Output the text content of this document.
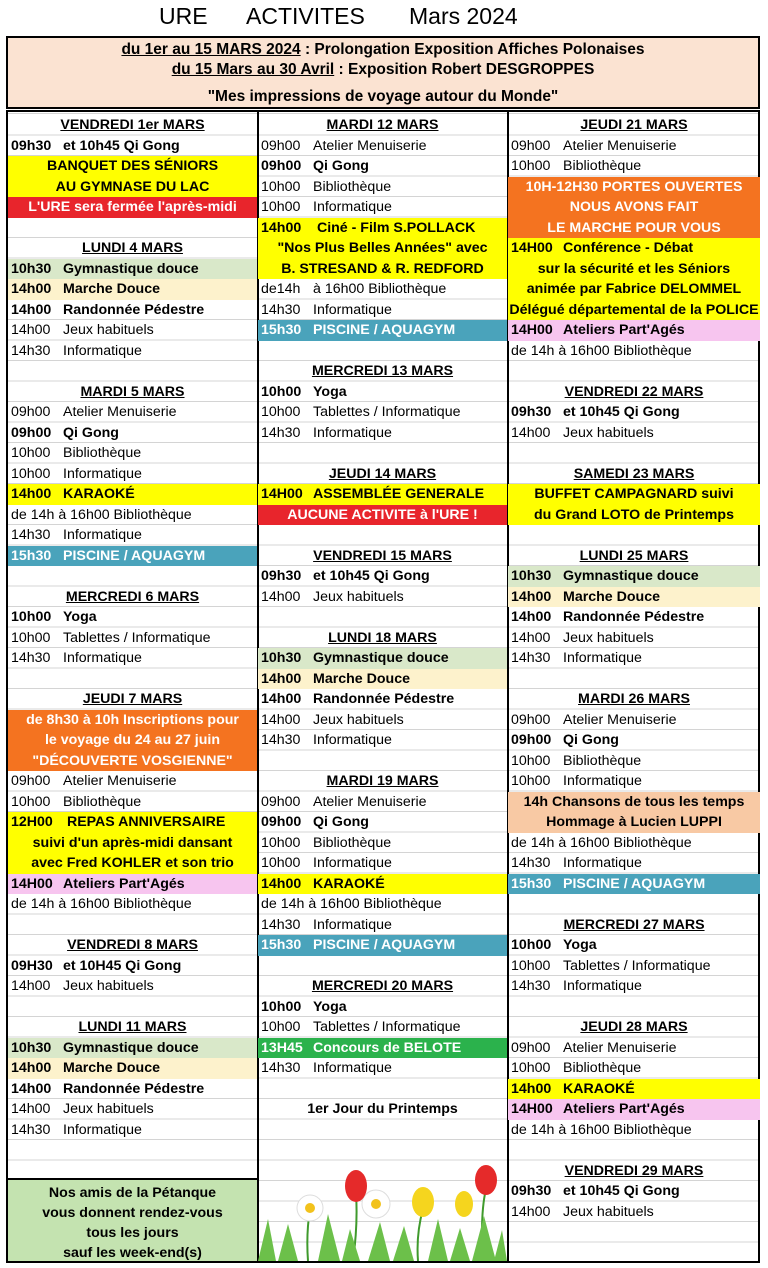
URE ACTIVITES Mars 2024
du 1er au 15 MARS 2024 : Prolongation Exposition Affiches Polonaises
du 15 Mars au 30 Avril : Exposition Robert DESGROPPES
"Mes impressions de voyage autour du Monde"
VENDREDI 1er MARS
09h30 et 10h45 Qi Gong
BANQUET DES SÉNIORS
AU GYMNASE DU LAC
L'URE sera fermée l'après-midi
LUNDI 4 MARS
10h30 Gymnastique douce
14h00 Marche Douce
14h00 Randonnée Pédestre
14h00 Jeux habituels
14h30 Informatique
MARDI 5 MARS
09h00 Atelier Menuiserie
09h00 Qi Gong
10h00 Bibliothèque
10h00 Informatique
14h00 KARAOKÉ
de 14h à 16h00 Bibliothèque
14h30 Informatique
15h30 PISCINE / AQUAGYM
MERCREDI 6 MARS
10h00 Yoga
10h00 Tablettes / Informatique
14h30 Informatique
JEUDI 7 MARS
de 8h30 à 10h Inscriptions pour
le voyage du 24 au 27 juin
"DÉCOUVERTE VOSGIENNE"
09h00 Atelier Menuiserie
10h00 Bibliothèque
12H00 REPAS ANNIVERSAIRE
suivi d'un après-midi dansant
avec Fred KOHLER et son trio
14H00 Ateliers Part'Agés
de 14h à 16h00 Bibliothèque
VENDREDI 8 MARS
09H30 et 10H45 Qi Gong
14h00 Jeux habituels
LUNDI 11 MARS
10h30 Gymnastique douce
14h00 Marche Douce
14h00 Randonnée Pédestre
14h00 Jeux habituels
14h30 Informatique
MARDI 12 MARS
09h00 Atelier Menuiserie
09h00 Qi Gong
10h00 Bibliothèque
10h00 Informatique
14h00 Ciné - Film S.POLLACK
"Nos Plus Belles Années" avec
B. STRESAND & R. REDFORD
de14h à 16h00 Bibliothèque
14h30 Informatique
15h30 PISCINE / AQUAGYM
MERCREDI 13 MARS
10h00 Yoga
10h00 Tablettes / Informatique
14h30 Informatique
JEUDI 14 MARS
14H00 ASSEMBLÉE GENERALE
AUCUNE ACTIVITE à l'URE !
VENDREDI 15 MARS
09h30 et 10h45 Qi Gong
14h00 Jeux habituels
LUNDI 18 MARS
10h30 Gymnastique douce
14h00 Marche Douce
14h00 Randonnée Pédestre
14h00 Jeux habituels
14h30 Informatique
MARDI 19 MARS
09h00 Atelier Menuiserie
09h00 Qi Gong
10h00 Bibliothèque
10h00 Informatique
14h00 KARAOKÉ
de 14h à 16h00 Bibliothèque
14h30 Informatique
15h30 PISCINE / AQUAGYM
MERCREDI 20 MARS
10h00 Yoga
10h00 Tablettes / Informatique
13H45 Concours de BELOTE
14h30 Informatique
1er Jour du Printemps
JEUDI 21 MARS
09h00 Atelier Menuiserie
10h00 Bibliothèque
10H-12H30 PORTES OUVERTES
NOUS AVONS FAIT
LE MARCHE POUR VOUS
14H00 Conférence - Débat
sur la sécurité et les Séniors
animée par Fabrice DELOMMEL
Délégué départemental de la POLICE
14H00 Ateliers Part'Agés
de 14h à 16h00 Bibliothèque
VENDREDI 22 MARS
09h30 et 10h45 Qi Gong
14h00 Jeux habituels
SAMEDI 23 MARS
BUFFET CAMPAGNARD suivi
du Grand LOTO de Printemps
LUNDI 25 MARS
10h30 Gymnastique douce
14h00 Marche Douce
14h00 Randonnée Pédestre
14h00 Jeux habituels
14h30 Informatique
MARDI 26 MARS
09h00 Atelier Menuiserie
09h00 Qi Gong
10h00 Bibliothèque
10h00 Informatique
14h Chansons de tous les temps
Hommage à Lucien LUPPI
de 14h à 16h00 Bibliothèque
14h30 Informatique
15h30 PISCINE / AQUAGYM
MERCREDI 27 MARS
10h00 Yoga
10h00 Tablettes / Informatique
14h30 Informatique
JEUDI 28 MARS
09h00 Atelier Menuiserie
10h00 Bibliothèque
14h00 KARAOKÉ
14H00 Ateliers Part'Agés
de 14h à 16h00 Bibliothèque
VENDREDI 29 MARS
09h30 et 10h45 Qi Gong
14h00 Jeux habituels
Nos amis de la Pétanque
vous donnent rendez-vous
tous les jours
sauf les week-end(s)
